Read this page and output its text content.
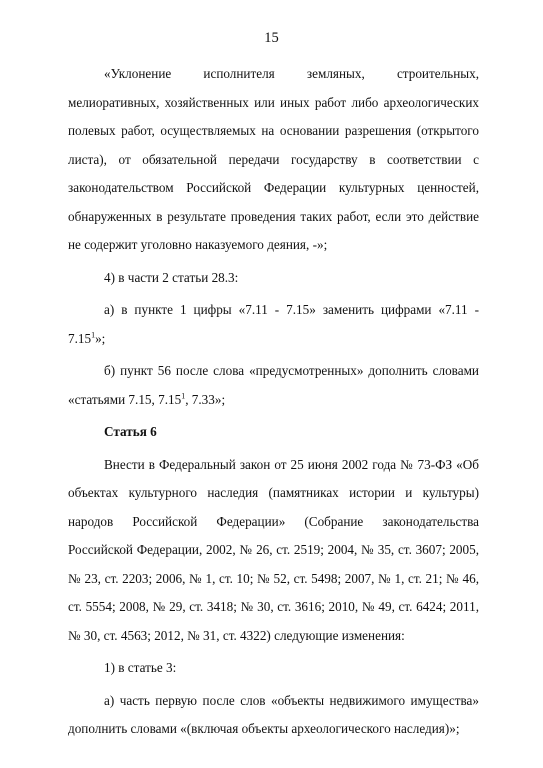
15

«Уклонение исполнителя земляных, строительных, мелиоративных, хозяйственных или иных работ либо археологических полевых работ, осуществляемых на основании разрешения (открытого листа), от обязательной передачи государству в соответствии с законодательством Российской Федерации культурных ценностей, обнаруженных в результате проведения таких работ, если это действие не содержит уголовно наказуемого деяния, -»;

4) в части 2 статьи 28.3:

а) в пункте 1 цифры «7.11 - 7.15» заменить цифрами «7.11 - 7.15$^1$»;

б) пункт 56 после слова «предусмотренных» дополнить словами «статьями 7.15, 7.15$^1$, 7.33»;

Статья 6

Внести в Федеральный закон от 25 июня 2002 года № 73-ФЗ «Об объектах культурного наследия (памятниках истории и культуры) народов Российской Федерации» (Собрание законодательства Российской Федерации, 2002, № 26, ст. 2519; 2004, № 35, ст. 3607; 2005, № 23, ст. 2203; 2006, № 1, ст. 10; № 52, ст. 5498; 2007, № 1, ст. 21; № 46, ст. 5554; 2008, № 29, ст. 3418; № 30, ст. 3616; 2010, № 49, ст. 6424; 2011, № 30, ст. 4563; 2012, № 31, ст. 4322) следующие изменения:

1) в статье 3:

а) часть первую после слов «объекты недвижимого имущества» дополнить словами «(включая объекты археологического наследия)»;
